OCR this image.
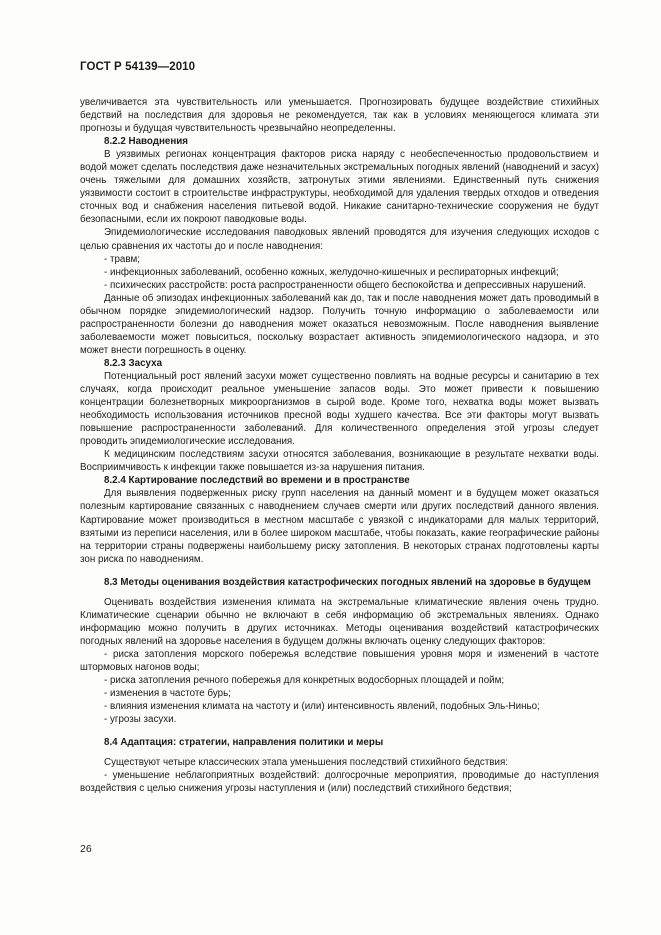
ГОСТ Р 54139—2010

увеличивается эта чувствительность или уменьшается. Прогнозировать будущее воздействие стихийных бедствий на последствия для здоровья не рекомендуется, так как в условиях меняющегося климата эти прогнозы и будущая чувствительность чрезвычайно неопределенны.

8.2.2 Наводнения

В уязвимых регионах концентрация факторов риска наряду с необеспеченностью продовольствием и водой может сделать последствия даже незначительных экстремальных погодных явлений (наводнений и засух) очень тяжелыми для домашних хозяйств, затронутых этими явлениями. Единственный путь снижения уязвимости состоит в строительстве инфраструктуры, необходимой для удаления твердых отходов и отведения сточных вод и снабжения населения питьевой водой. Никакие санитарно-технические сооружения не будут безопасными, если их покроют паводковые воды.

Эпидемиологические исследования паводковых явлений проводятся для изучения следующих исходов с целью сравнения их частоты до и после наводнения:

- травм;

- инфекционных заболеваний, особенно кожных, желудочно-кишечных и респираторных инфекций;

- психических расстройств: роста распространенности общего беспокойства и депрессивных нарушений.

Данные об эпизодах инфекционных заболеваний как до, так и после наводнения может дать проводимый в обычном порядке эпидемиологический надзор. Получить точную информацию о заболеваемости или распространенности болезни до наводнения может оказаться невозможным. После наводнения выявление заболеваемости может повыситься, поскольку возрастает активность эпидемиологического надзора, и это может внести погрешность в оценку.

8.2.3 Засуха

Потенциальный рост явлений засухи может существенно повлиять на водные ресурсы и санитарию в тех случаях, когда происходит реальное уменьшение запасов воды. Это может привести к повышению концентрации болезнетворных микроорганизмов в сырой воде. Кроме того, нехватка воды может вызвать необходимость использования источников пресной воды худшего качества. Все эти факторы могут вызвать повышение распространенности заболеваний. Для количественного определения этой угрозы следует проводить эпидемиологические исследования.

К медицинским последствиям засухи относятся заболевания, возникающие в результате нехватки воды. Восприимчивость к инфекции также повышается из-за нарушения питания.

8.2.4 Картирование последствий во времени и в пространстве

Для выявления подверженных риску групп населения на данный момент и в будущем может оказаться полезным картирование связанных с наводнением случаев смерти или других последствий данного явления. Картирование может производиться в местном масштабе с увязкой с индикаторами для малых территорий, взятыми из переписи населения, или в более широком масштабе, чтобы показать, какие географические районы на территории страны подвержены наибольшему риску затопления. В некоторых странах подготовлены карты зон риска по наводнениям.

8.3 Методы оценивания воздействия катастрофических погодных явлений на здоровье в будущем

Оценивать воздействия изменения климата на экстремальные климатические явления очень трудно. Климатические сценарии обычно не включают в себя информацию об экстремальных явлениях. Однако информацию можно получить в других источниках. Методы оценивания воздействий катастрофических погодных явлений на здоровье населения в будущем должны включать оценку следующих факторов:

- риска затопления морского побережья вследствие повышения уровня моря и изменений в частоте штормовых нагонов воды;

- риска затопления речного побережья для конкретных водосборных площадей и пойм;

- изменения в частоте бурь;

- влияния изменения климата на частоту и (или) интенсивность явлений, подобных Эль-Ниньо;

- угрозы засухи.

8.4 Адаптация: стратегии, направления политики и меры

Существуют четыре классических этапа уменьшения последствий стихийного бедствия:

- уменьшение неблагоприятных воздействий: долгосрочные мероприятия, проводимые до наступления воздействия с целью снижения угрозы наступления и (или) последствий стихийного бедствия;

26
